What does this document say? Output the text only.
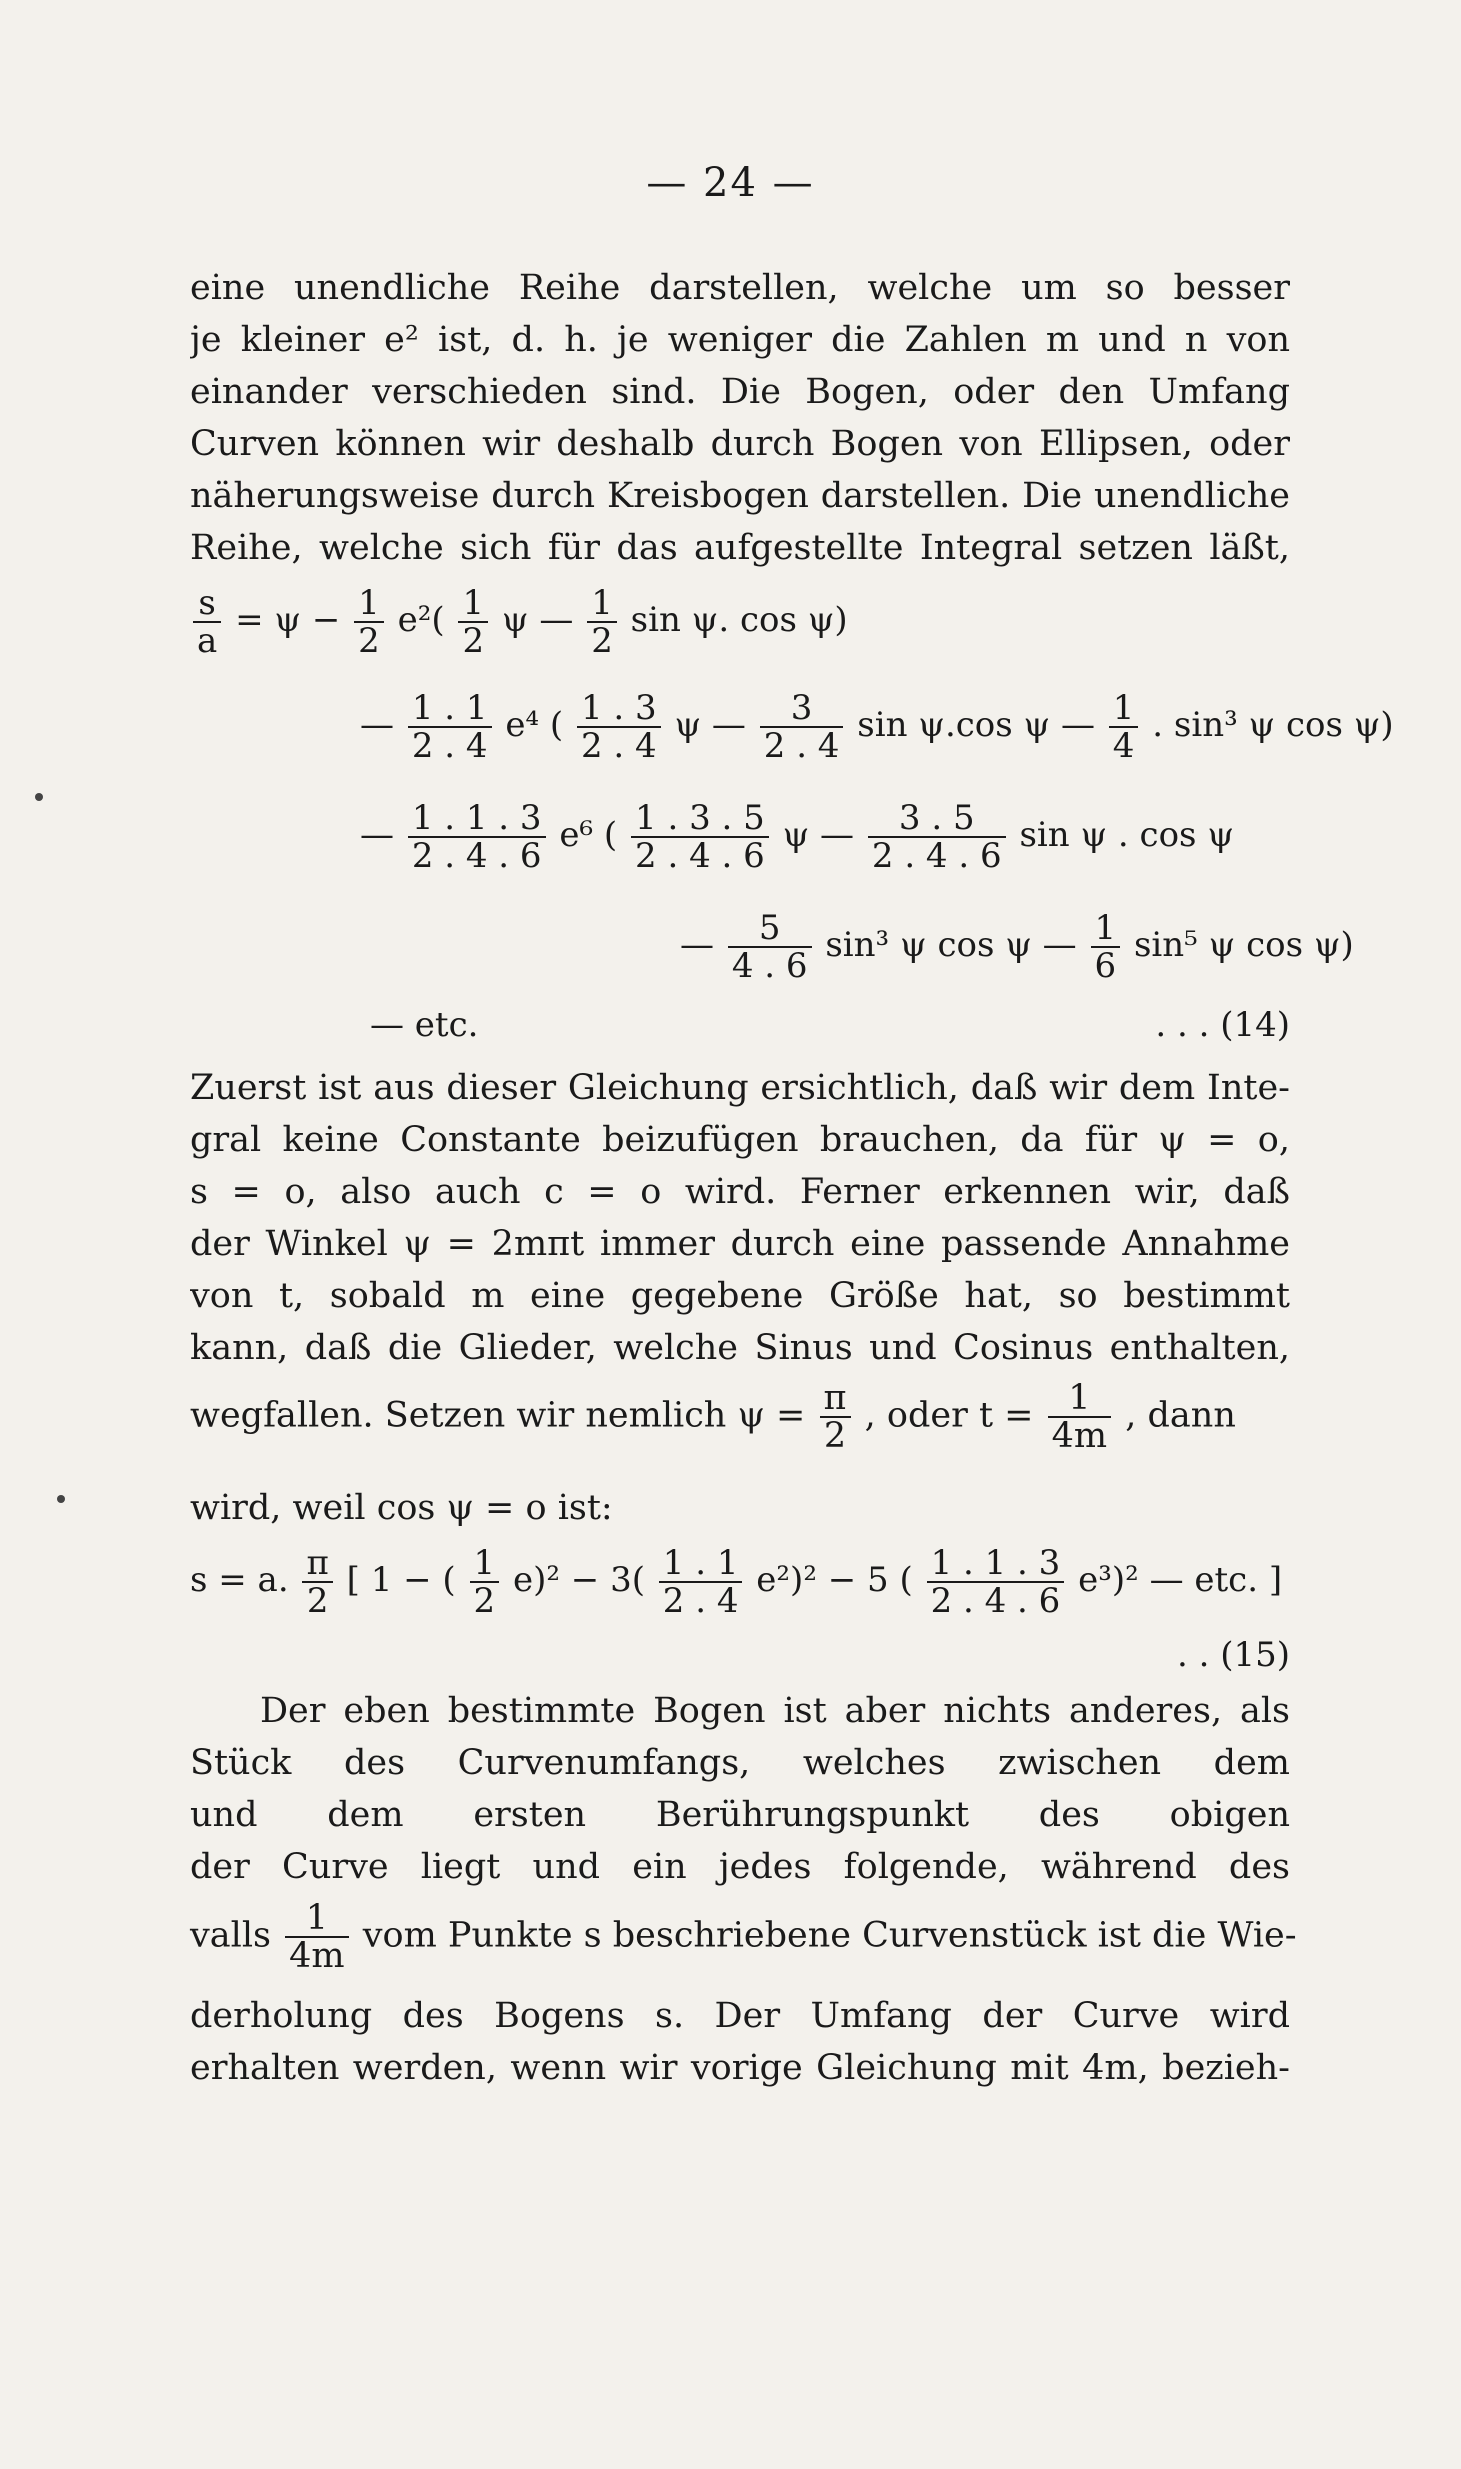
— 24 —
eine unendliche Reihe darstellen, welche um so besser
je kleiner e² ist, d. h. je weniger die Zahlen m und n von
einander verschieden sind. Die Bogen, oder den Umfang
Curven können wir deshalb durch Bogen von Ellipsen, oder
näherungsweise durch Kreisbogen darstellen. Die unendliche
Reihe, welche sich für das aufgestellte Integral setzen läßt,
$\frac{s}{a} = \psi - \frac{1}{2} e^2( \frac{1}{2}$ ψ — $\frac{1}{2}$ sin ψ. cos ψ)
— $\frac{1 . 1}{2 . 4} e^4$ ( $\frac{1 . 3}{2 . 4}$ ψ — $\frac{3}{2 . 4}$ sin ψ.cos ψ — $\frac{1}{4}$ . sin³ ψ cos ψ)
— $\frac{1 . 1 . 3}{2 . 4 . 6} e^6$ ( $\frac{1 . 3 . 5}{2 . 4 . 6}$ ψ — $\frac{3 . 5}{2 . 4 . 6}$ sin ψ . cos ψ
— $\frac{5}{4 . 6} \sin^3$ ψ cos ψ — $\frac{1}{6} \sin^5$ ψ cos ψ)
— etc.	. . . (14)
Zuerst ist aus dieser Gleichung ersichtlich, daß wir dem Inte-
gral keine Constante beizufügen brauchen, da für ψ = o,
s = o, also auch c = o wird. Ferner erkennen wir, daß
der Winkel ψ = 2mπt immer durch eine passende Annahme
von t, sobald m eine gegebene Größe hat, so bestimmt
kann, daß die Glieder, welche Sinus und Cosinus enthalten,
wegfallen. Setzen wir nemlich $\psi = \frac{\pi}{2}$ , oder $t = \frac{1}{4m}$ , dann
wird, weil cos ψ = o ist:
s = a. $\frac{\pi}{2}$ [ 1 − ( $\frac{1}{2} e)^2 - 3( \frac{1 . 1}{2 . 4} e^2)^2 - 5$ ( $\frac{1 . 1 . 3}{2 . 4 . 6} e^3)^2$ — etc. ]
. . (15)
Der eben bestimmte Bogen ist aber nichts anderes, als
Stück des Curvenumfangs, welches zwischen dem
und dem ersten Berührungspunkt des obigen
der Curve liegt und ein jedes folgende, während des
valls $\frac{1}{4m}$ vom Punkte s beschriebene Curvenstück ist die Wie-
derholung des Bogens s. Der Umfang der Curve wird
erhalten werden, wenn wir vorige Gleichung mit 4m, bezieh-
